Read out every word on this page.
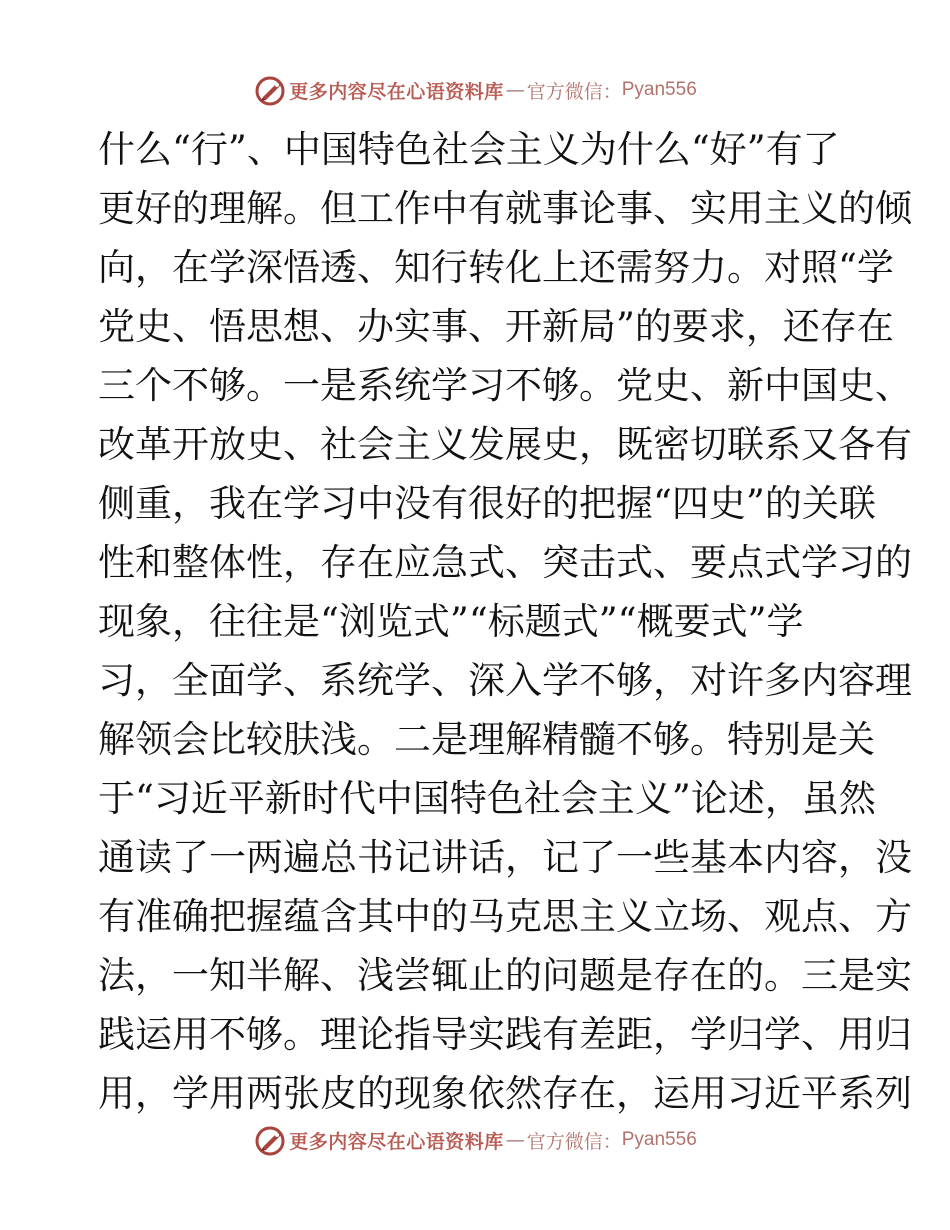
更多内容尽在心语资料库 — 官方微信： Pyan556
什么“行”、中国特色社会主义为什么“好”有了
更好的理解。但工作中有就事论事、实用主义的倾
向，在学深悟透、知行转化上还需努力。对照“学
党史、悟思想、办实事、开新局”的要求，还存在
三个不够。一是系统学习不够。党史、新中国史、
改革开放史、社会主义发展史，既密切联系又各有
侧重，我在学习中没有很好的把握“四史”的关联
性和整体性，存在应急式、突击式、要点式学习的
现象，往往是“浏览式”“标题式”“概要式”学
习，全面学、系统学、深入学不够，对许多内容理
解领会比较肤浅。二是理解精髓不够。特别是关
于“习近平新时代中国特色社会主义”论述，虽然
通读了一两遍总书记讲话，记了一些基本内容，没
有准确把握蕴含其中的马克思主义立场、观点、方
法，一知半解、浅尝辄止的问题是存在的。三是实
践运用不够。理论指导实践有差距，学归学、用归
用，学用两张皮的现象依然存在，运用习近平系列
更多内容尽在心语资料库 — 官方微信： Pyan556
